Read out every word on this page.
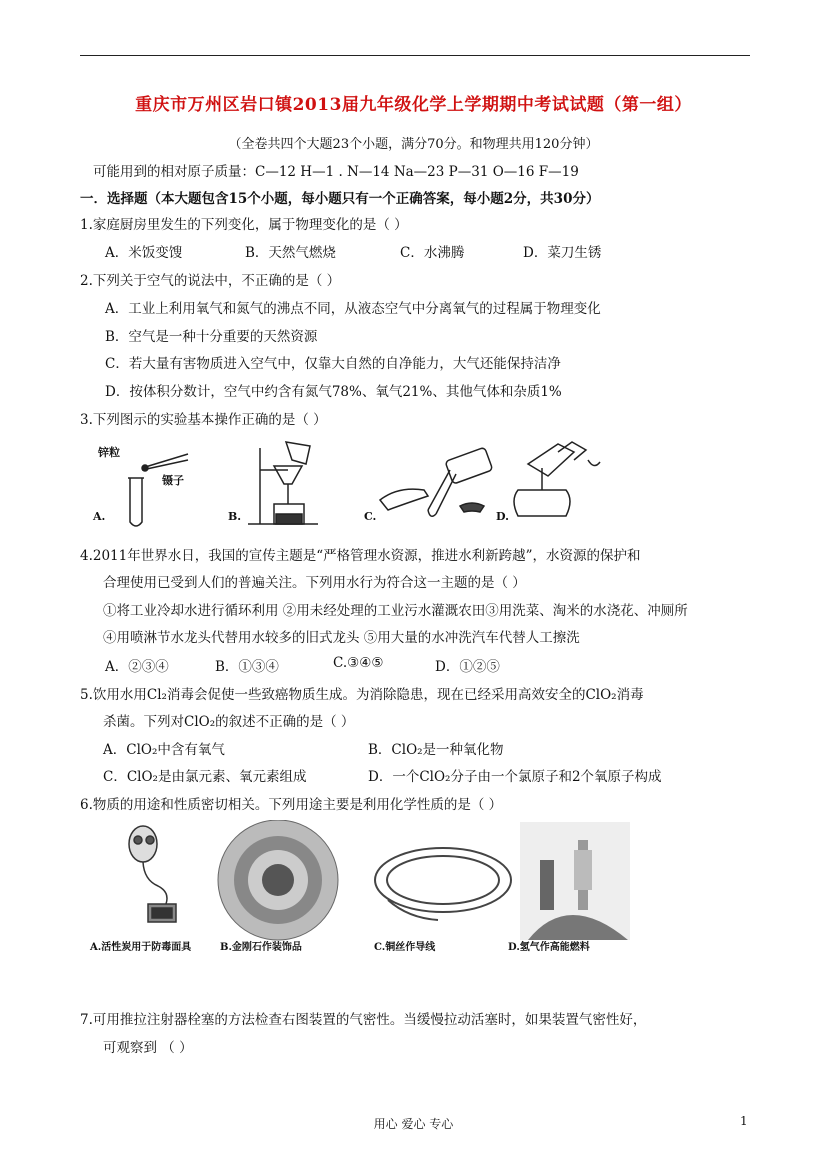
重庆市万州区岩口镇2013届九年级化学上学期期中考试试题（第一组）
（全卷共四个大题23个小题，满分70分。和物理共用120分钟）
可能用到的相对原子质量：C—12 H—1 . N—14 Na—23 P—31 O—16 F—19
一．选择题（本大题包含15个小题，每小题只有一个正确答案，每小题2分，共30分）
1.家庭厨房里发生的下列变化，属于物理变化的是（ ）
A．米饭变馊	B．天然气燃烧	C．水沸腾	D．菜刀生锈
2.下列关于空气的说法中，不正确的是（ ）
A．工业上利用氧气和氮气的沸点不同，从液态空气中分离氧气的过程属于物理变化
B．空气是一种十分重要的天然资源
C．若大量有害物质进入空气中，仅靠大自然的自净能力，大气还能保持洁净
D．按体积分数计，空气中约含有氮气78%、氧气21%、其他气体和杂质1%
3.下列图示的实验基本操作正确的是（ ）
锌粒
镊子
A.	B.	C.	D.
4.2011年世界水日，我国的宣传主题是“严格管理水资源，推进水利新跨越”，水资源的保护和
合理使用已受到人们的普遍关注。下列用水行为符合这一主题的是（ ）
①将工业冷却水进行循环利用 ②用未经处理的工业污水灌溉农田③用洗菜、淘米的水浇花、冲厕所
④用喷淋节水龙头代替用水较多的旧式龙头 ⑤用大量的水冲洗汽车代替人工擦洗
A．②③④	B．①③④	C.③④⑤	D．①②⑤
5.饮用水用Cl₂消毒会促使一些致癌物质生成。为消除隐患，现在已经采用高效安全的ClO₂消毒
杀菌。下列对ClO₂的叙述不正确的是（ ）
A．ClO₂中含有氧气	B．ClO₂是一种氧化物
C．ClO₂是由氯元素、氧元素组成	D．一个ClO₂分子由一个氯原子和2个氧原子构成
6.物质的用途和性质密切相关。下列用途主要是利用化学性质的是（ ）
A.活性炭用于防毒面具	B.金刚石作装饰品	C.铜丝作导线	D.氢气作高能燃料
7.可用推拉注射器栓塞的方法检查右图装置的气密性。当缓慢拉动活塞时，如果装置气密性好，
可观察到 （ ）
用心 爱心 专心	1
